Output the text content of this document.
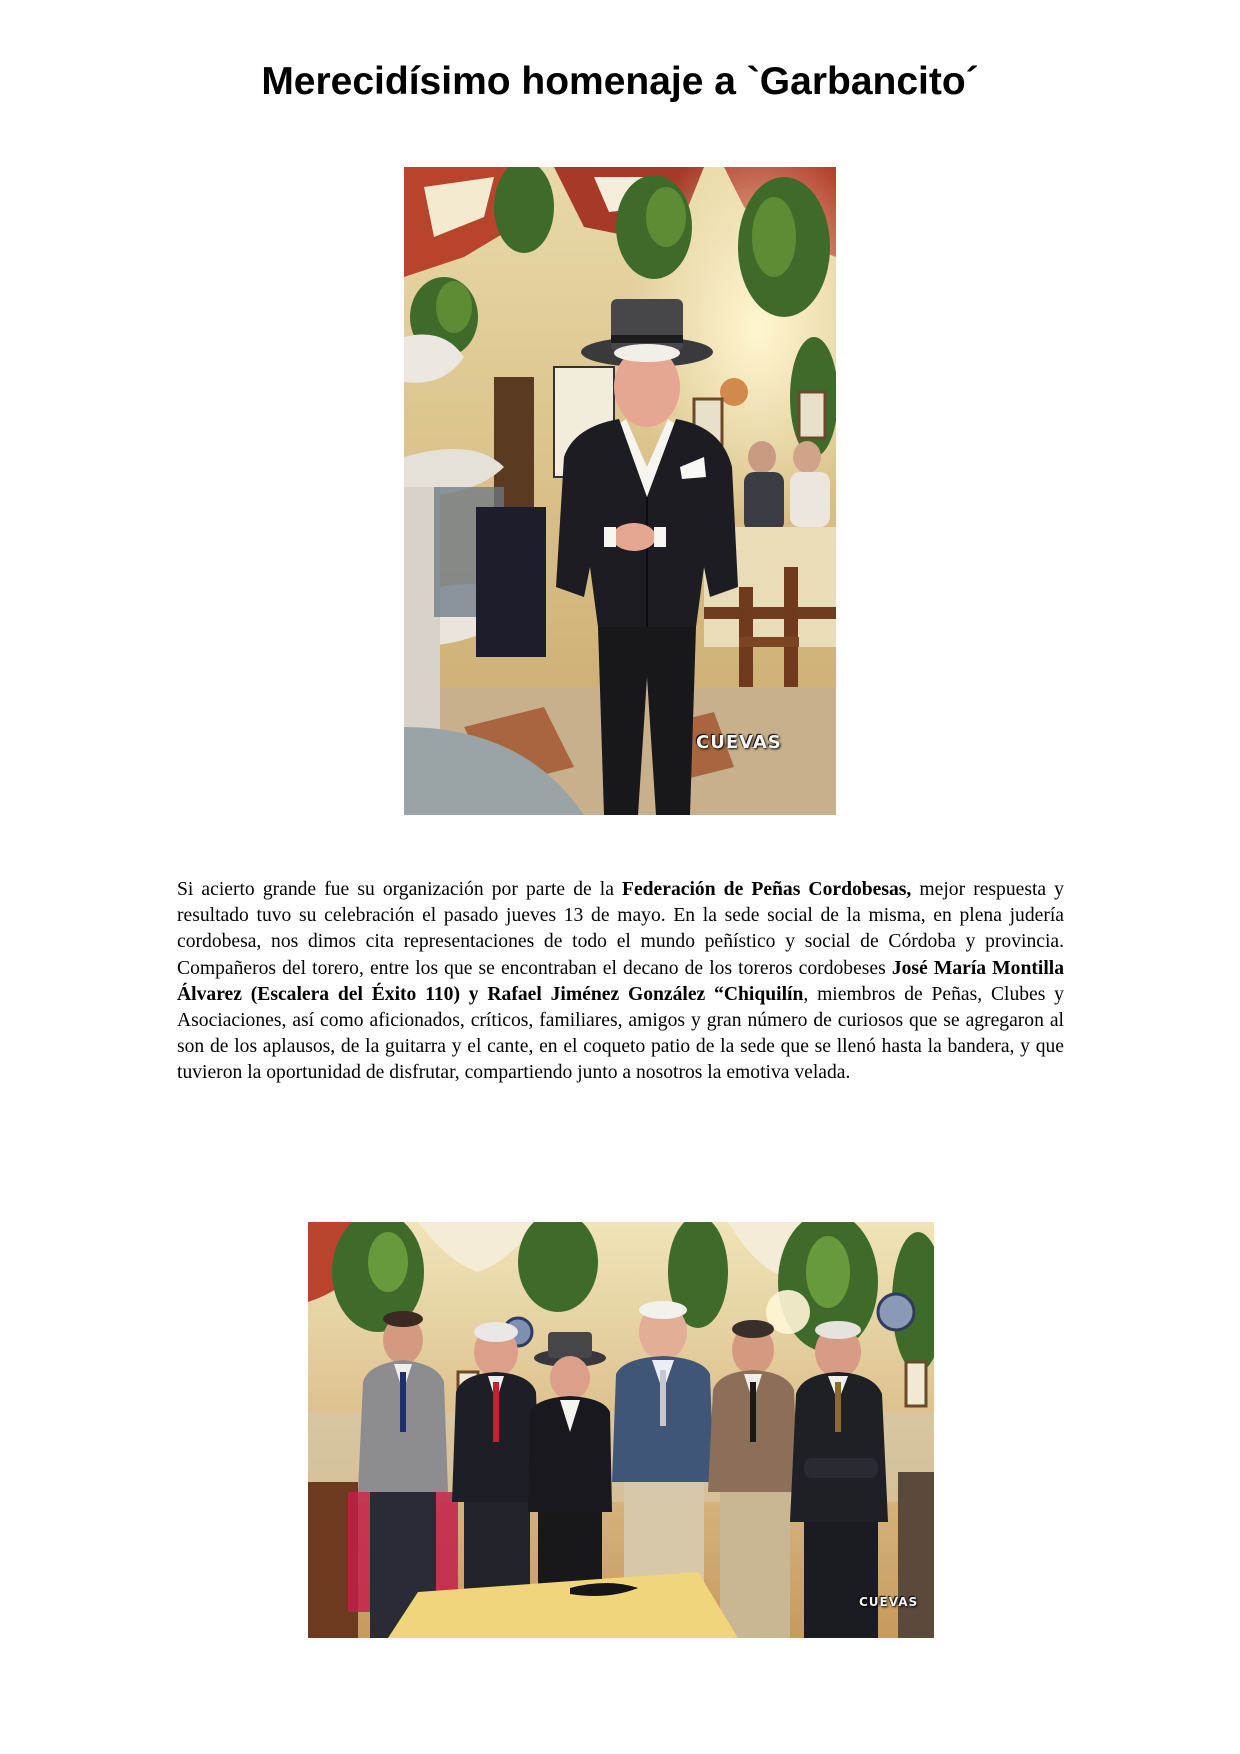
Merecidísimo homenaje a `Garbancito´
CUEVAS

Si acierto grande fue su organización por parte de la Federación de Peñas Cordobesas, mejor respuesta y resultado tuvo su celebración el pasado jueves 13 de mayo. En la sede social de la misma, en plena judería cordobesa, nos dimos cita representaciones de todo el mundo peñístico y social de Córdoba y provincia. Compañeros del torero, entre los que se encontraban el decano de los toreros cordobeses José María Montilla Álvarez (Escalera del Éxito 110) y Rafael Jiménez González “Chiquilín, miembros de Peñas, Clubes y Asociaciones, así como aficionados, críticos, familiares, amigos y gran número de curiosos que se agregaron al son de los aplausos, de la guitarra y el cante, en el coqueto patio de la sede que se llenó hasta la bandera, y que tuvieron la oportunidad de disfrutar, compartiendo junto a nosotros la emotiva velada.

CUEVAS
